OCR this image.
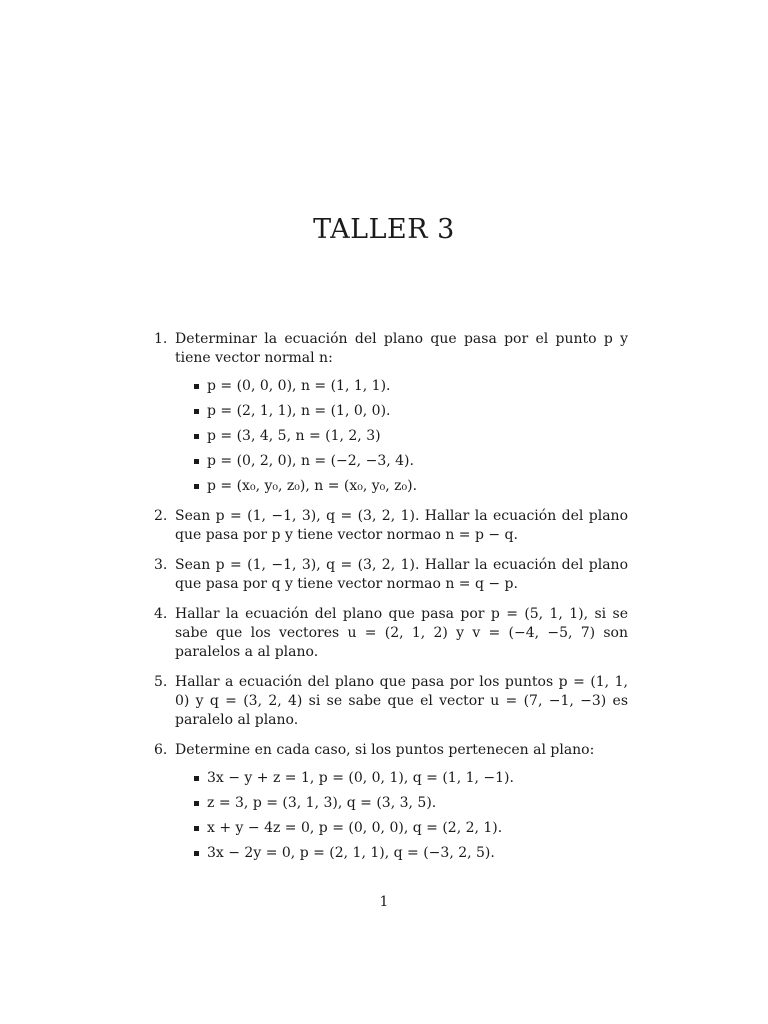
TALLER 3
1. Determinar la ecuación del plano que pasa por el punto p y tiene vector normal n:
p = (0, 0, 0), n = (1, 1, 1).
p = (2, 1, 1), n = (1, 0, 0).
p = (3, 4, 5, n = (1, 2, 3)
p = (0, 2, 0), n = (−2, −3, 4).
p = (x₀, y₀, z₀), n = (x₀, y₀, z₀).
2. Sean p = (1, −1, 3), q = (3, 2, 1). Hallar la ecuación del plano que pasa por p y tiene vector normao n = p − q.
3. Sean p = (1, −1, 3), q = (3, 2, 1). Hallar la ecuación del plano que pasa por q y tiene vector normao n = q − p.
4. Hallar la ecuación del plano que pasa por p = (5, 1, 1), si se sabe que los vectores u = (2, 1, 2) y v = (−4, −5, 7) son paralelos a al plano.
5. Hallar a ecuación del plano que pasa por los puntos p = (1, 1, 0) y q = (3, 2, 4) si se sabe que el vector u = (7, −1, −3) es paralelo al plano.
6. Determine en cada caso, si los puntos pertenecen al plano:
3x − y + z = 1, p = (0, 0, 1), q = (1, 1, −1).
z = 3, p = (3, 1, 3), q = (3, 3, 5).
x + y − 4z = 0, p = (0, 0, 0), q = (2, 2, 1).
3x − 2y = 0, p = (2, 1, 1), q = (−3, 2, 5).
1
